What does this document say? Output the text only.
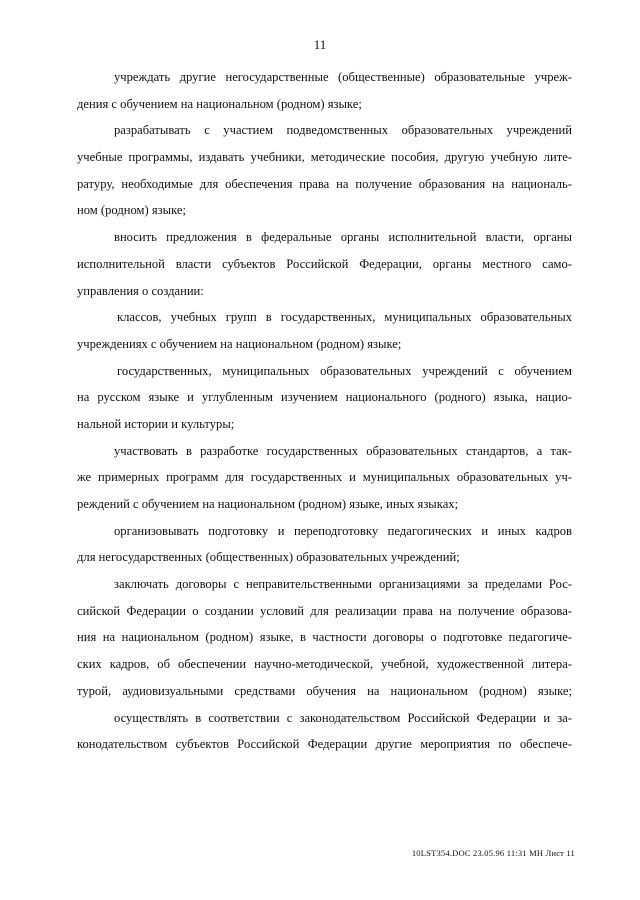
11
учреждать другие негосударственные (общественные) образовательные учреж-
дения с обучением на национальном (родном) языке;
разрабатывать с участием подведомственных образовательных учреждений
учебные программы, издавать учебники, методические пособия, другую учебную лите-
ратуру, необходимые для обеспечения права на получение образования на националь-
ном (родном) языке;
вносить предложения в федеральные органы исполнительной власти, органы
исполнительной власти субъектов Российской Федерации, органы местного само-
управления о создании:
классов, учебных групп в государственных, муниципальных образовательных
учреждениях с обучением на национальном (родном) языке;
государственных, муниципальных образовательных учреждений с обучением
на русском языке и углубленным изучением национального (родного) языка, нацио-
нальной истории и культуры;
участвовать в разработке государственных образовательных стандартов, а так-
же примерных программ для государственных и муниципальных образовательных уч-
реждений с обучением на национальном (родном) языке, иных языках;
организовывать подготовку и переподготовку педагогических и иных кадров
для негосударственных (общественных) образовательных учреждений;
заключать договоры с неправительственными организациями за пределами Рос-
сийской Федерации о создании условий для реализации права на получение образова-
ния на национальном (родном) языке, в частности договоры о подготовке педагогиче-
ских кадров, об обеспечении научно-методической, учебной, художественной литера-
турой, аудиовизуальными средствами обучения на национальном (родном) языке;
осуществлять в соответствии с законодательством Российской Федерации и за-
конодательством субъектов Российской Федерации другие мероприятия по обеспече-
10LST354.DOC 23.05.96 11:31 МН Лист 11
